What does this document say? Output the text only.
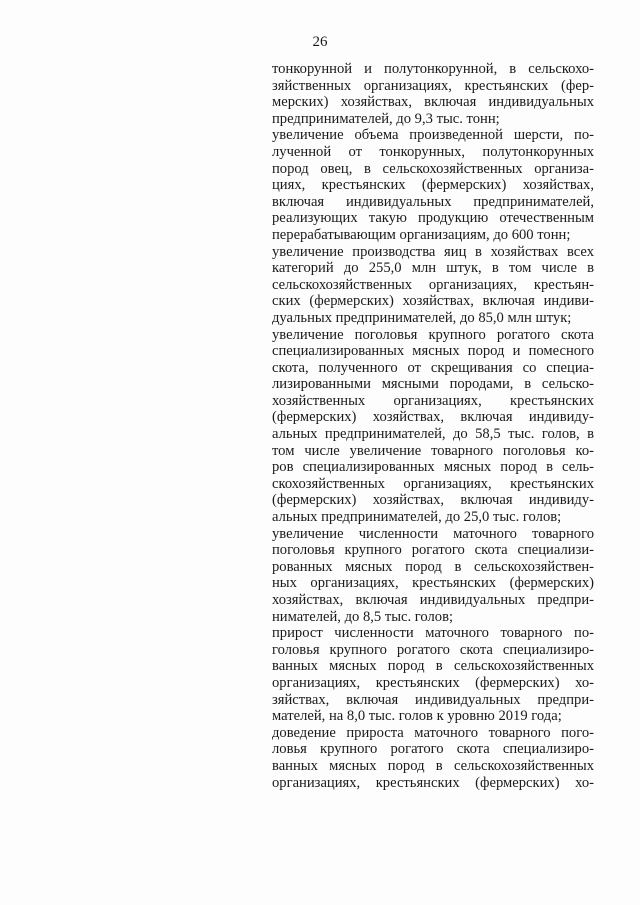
26
тонкорунной и полутонкорунной, в сельскохо-
зяйственных организациях, крестьянских (фер-
мерских) хозяйствах, включая индивидуальных
предпринимателей, до 9,3 тыс. тонн;
увеличение объема произведенной шерсти, по-
лученной от тонкорунных, полутонкорунных
пород овец, в сельскохозяйственных организа-
циях, крестьянских (фермерских) хозяйствах,
включая индивидуальных предпринимателей,
реализующих такую продукцию отечественным
перерабатывающим организациям, до 600 тонн;
увеличение производства яиц в хозяйствах всех
категорий до 255,0 млн штук, в том числе в
сельскохозяйственных организациях, крестьян-
ских (фермерских) хозяйствах, включая индиви-
дуальных предпринимателей, до 85,0 млн штук;
увеличение поголовья крупного рогатого скота
специализированных мясных пород и помесного
скота, полученного от скрещивания со специа-
лизированными мясными породами, в сельско-
хозяйственных организациях, крестьянских
(фермерских) хозяйствах, включая индивиду-
альных предпринимателей, до 58,5 тыс. голов, в
том числе увеличение товарного поголовья ко-
ров специализированных мясных пород в сель-
скохозяйственных организациях, крестьянских
(фермерских) хозяйствах, включая индивиду-
альных предпринимателей, до 25,0 тыс. голов;
увеличение численности маточного товарного
поголовья крупного рогатого скота специализи-
рованных мясных пород в сельскохозяйствен-
ных организациях, крестьянских (фермерских)
хозяйствах, включая индивидуальных предпри-
нимателей, до 8,5 тыс. голов;
прирост численности маточного товарного по-
головья крупного рогатого скота специализиро-
ванных мясных пород в сельскохозяйственных
организациях, крестьянских (фермерских) хо-
зяйствах, включая индивидуальных предпри-
мателей, на 8,0 тыс. голов к уровню 2019 года;
доведение прироста маточного товарного пого-
ловья крупного рогатого скота специализиро-
ванных мясных пород в сельскохозяйственных
организациях, крестьянских (фермерских) хо-
